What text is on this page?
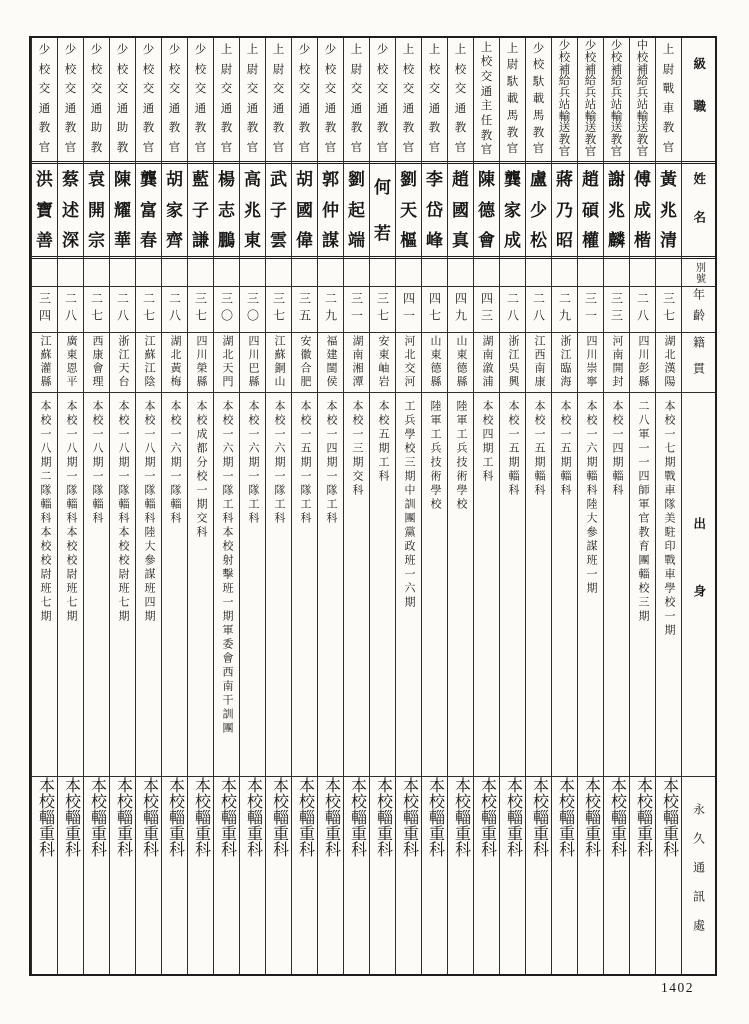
級職
姓名
別號
年齡
籍貫
出身
永久通訊處
上
尉
戰
車
教
官
黃
兆
清
三七
湖北漢陽
本校一七期戰車隊美駐印戰車學校一期
本校輜重科
中
校
補
給
兵
站
輸
送
教
官
傅
成
楷
二八
四川彭縣
二八軍一一四師軍官教育團輜校三期
本校輜重科
少
校
補
給
兵
站
輸
送
教
官
謝
兆
麟
三三
河南開封
本校一四期輜科
本校輜重科
少
校
補
給
兵
站
輸
送
教
官
趙
碩
權
三一
四川崇寧
本校一六期輜科陸大參謀班一期
本校輜重科
少
校
補
給
兵
站
輸
送
教
官
蔣
乃
昭
二九
浙江臨海
本校一五期輜科
本校輜重科
少
校
馱
載
馬
教
官
盧
少
松
二八
江西南康
本校一五期輜科
本校輜重科
上
尉
馱
載
馬
教
官
龔
家
成
二八
浙江吳興
本校一五期輜科
本校輜重科
上
校
交
通
主
任
教
官
陳
德
會
四三
湖南漵浦
本校四期工科
本校輜重科
上
校
交
通
教
官
趙
國
真
四九
山東德縣
陸軍工兵技術學校
本校輜重科
上
校
交
通
教
官
李
岱
峰
四七
山東德縣
陸軍工兵技術學校
本校輜重科
上
校
交
通
教
官
劉
天
樞
四一
河北交河
工兵學校三期中訓團黨政班一六期
本校輜重科
少
校
交
通
教
官
何
若
三七
安東岫岩
本校五期工科
本校輜重科
上
尉
交
通
教
官
劉
起
端
三一
湖南湘潭
本校一三期交科
本校輜重科
少
校
交
通
教
官
郭
仲
謀
二九
福建閩侯
本校一四期一隊工科
本校輜重科
少
校
交
通
教
官
胡
國
偉
三五
安徽合肥
本校一五期一隊工科
本校輜重科
上
尉
交
通
教
官
武
子
雲
三七
江蘇銅山
本校一六期一隊工科
本校輜重科
上
尉
交
通
教
官
高
兆
東
三〇
四川巴縣
本校一六期一隊工科
本校輜重科
上
尉
交
通
教
官
楊
志
鵬
三〇
湖北天門
本校一六期一隊工科本校射擊班一期軍委會西南干訓團
本校輜重科
少
校
交
通
教
官
藍
子
謙
三七
四川榮縣
本校成都分校一期交科
本校輜重科
少
校
交
通
教
官
胡
家
齊
二八
湖北黃梅
本校一六期一隊輜科
本校輜重科
少
校
交
通
教
官
龔
富
春
二七
江蘇江陰
本校一八期一隊輜科陸大參謀班四期
本校輜重科
少
校
交
通
助
教
陳
耀
華
二八
浙江天台
本校一八期一隊輜科本校校尉班七期
本校輜重科
少
校
交
通
助
教
袁
開
宗
二七
西康會理
本校一八期一隊輜科
本校輜重科
少
校
交
通
教
官
蔡
述
深
二八
廣東恩平
本校一八期一隊輜科本校校尉班七期
本校輜重科
少
校
交
通
教
官
洪
寶
善
三四
江蘇灌縣
本校一八期二隊輜科本校校尉班七期
本校輜重科
1402
